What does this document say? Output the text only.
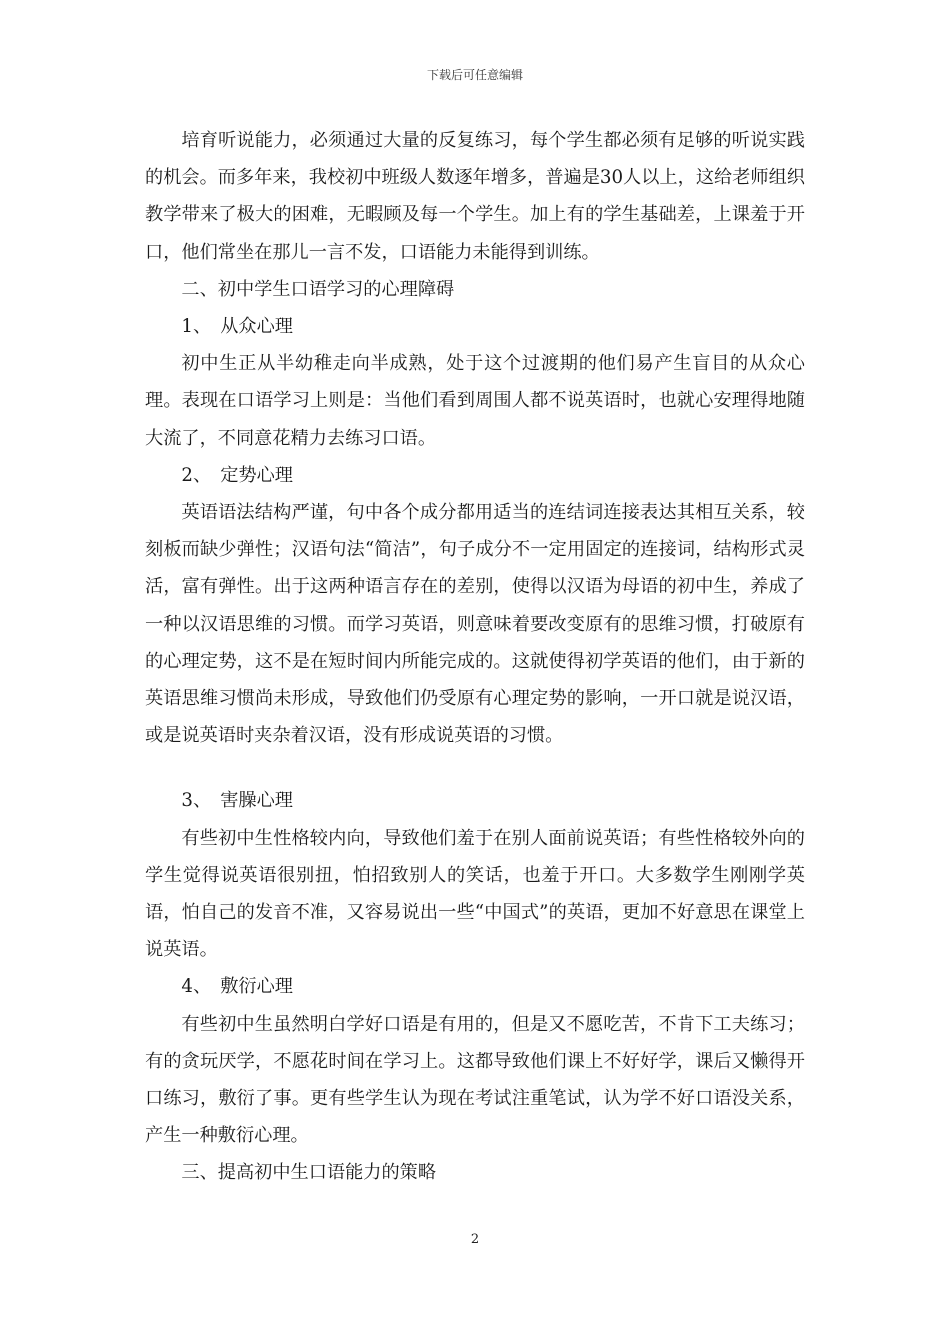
下载后可任意编辑

培育听说能力，必须通过大量的反复练习，每个学生都必须有足够的听说实践的机会。而多年来，我校初中班级人数逐年增多，普遍是30人以上，这给老师组织教学带来了极大的困难，无暇顾及每一个学生。加上有的学生基础差，上课羞于开口，他们常坐在那儿一言不发，口语能力未能得到训练。

二、初中学生口语学习的心理障碍

1、　从众心理

初中生正从半幼稚走向半成熟，处于这个过渡期的他们易产生盲目的从众心理。表现在口语学习上则是：当他们看到周围人都不说英语时，也就心安理得地随大流了，不同意花精力去练习口语。

2、　定势心理

英语语法结构严谨，句中各个成分都用适当的连结词连接表达其相互关系，较刻板而缺少弹性；汉语句法“简洁”，句子成分不一定用固定的连接词，结构形式灵活，富有弹性。出于这两种语言存在的差别，使得以汉语为母语的初中生，养成了一种以汉语思维的习惯。而学习英语，则意味着要改变原有的思维习惯，打破原有的心理定势，这不是在短时间内所能完成的。这就使得初学英语的他们，由于新的英语思维习惯尚未形成，导致他们仍受原有心理定势的影响，一开口就是说汉语，或是说英语时夹杂着汉语，没有形成说英语的习惯。

3、　害臊心理

有些初中生性格较内向，导致他们羞于在别人面前说英语；有些性格较外向的学生觉得说英语很别扭，怕招致别人的笑话，也羞于开口。大多数学生刚刚学英语，怕自己的发音不准，又容易说出一些“中国式”的英语，更加不好意思在课堂上说英语。

4、　敷衍心理

有些初中生虽然明白学好口语是有用的，但是又不愿吃苦，不肯下工夫练习；有的贪玩厌学，不愿花时间在学习上。这都导致他们课上不好好学，课后又懒得开口练习，敷衍了事。更有些学生认为现在考试注重笔试，认为学不好口语没关系，产生一种敷衍心理。

三、提高初中生口语能力的策略

2
